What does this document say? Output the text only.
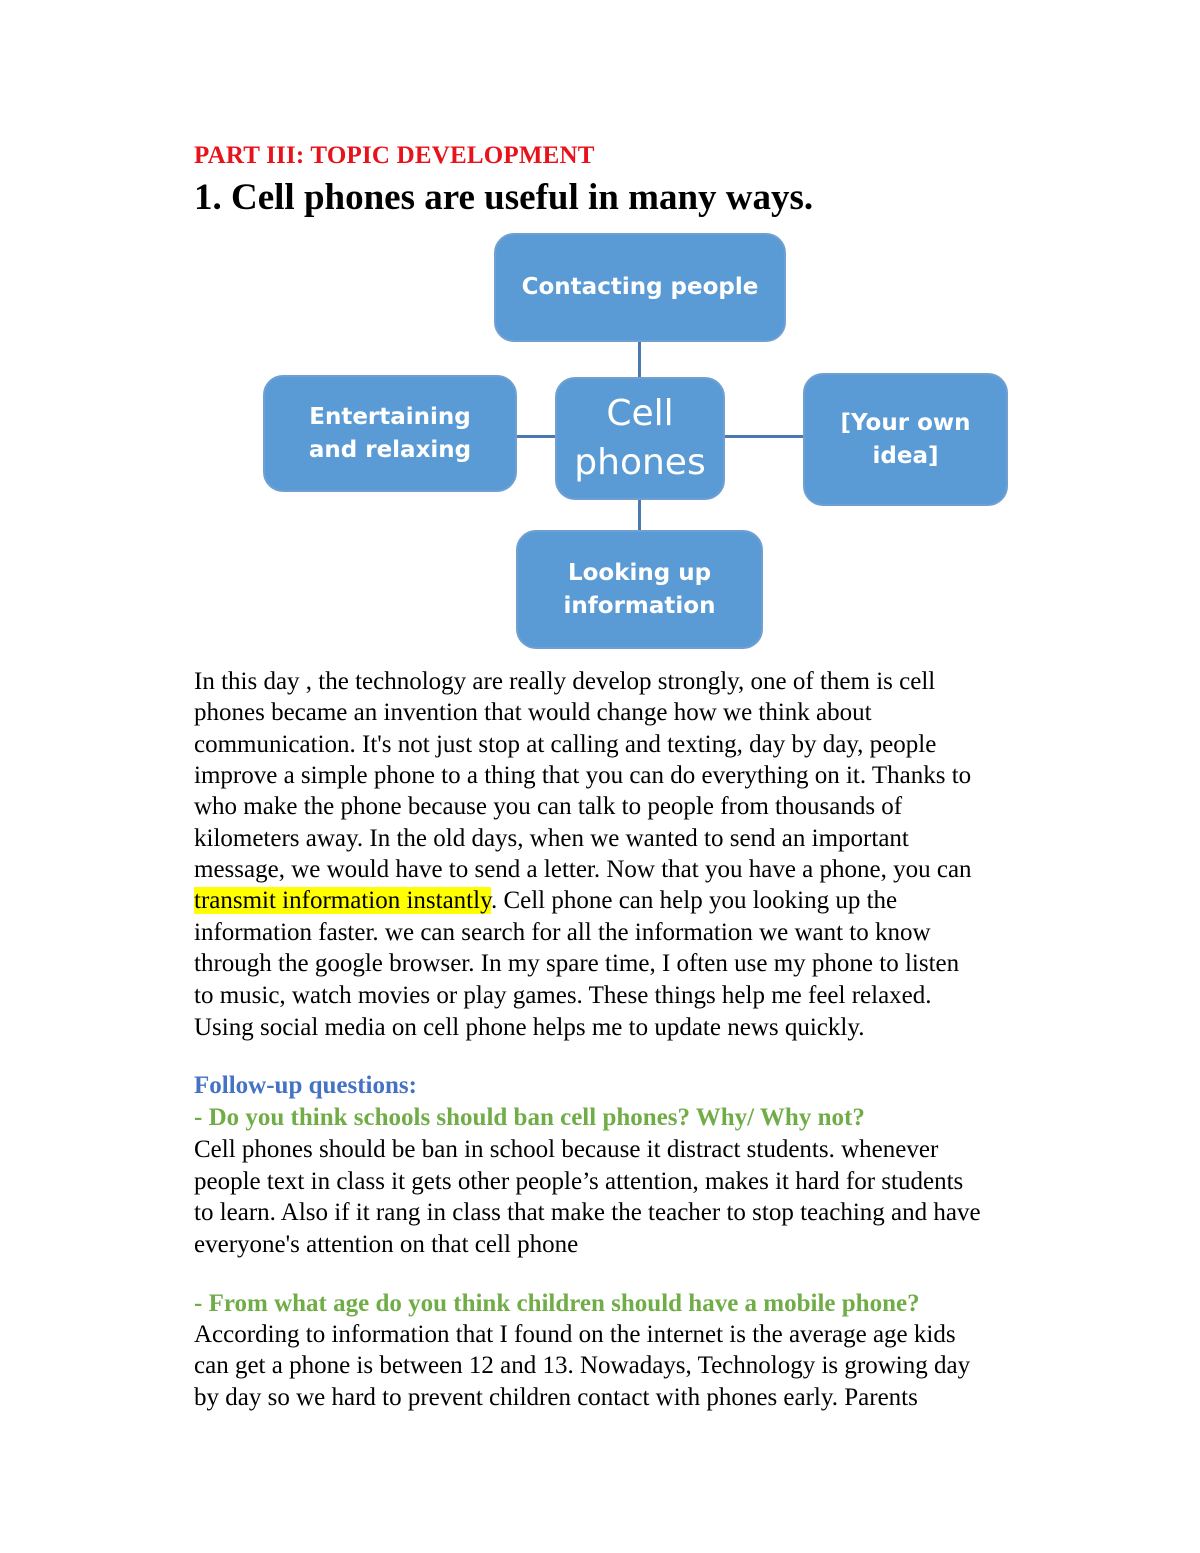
PART III: TOPIC DEVELOPMENT
1. Cell phones are useful in many ways.
Contacting people
Entertaining and relaxing
Cell phones
[Your own idea]
Looking up information
In this day , the technology are really develop strongly, one of them is cell
phones became an invention that would change how we think about
communication. It's not just stop at calling and texting, day by day, people
improve a simple phone to a thing that you can do everything on it. Thanks to
who make the phone because you can talk to people from thousands of
kilometers away. In the old days, when we wanted to send an important
message, we would have to send a letter. Now that you have a phone, you can
transmit information instantly. Cell phone can help you looking up the
information faster. we can search for all the information we want to know
through the google browser. In my spare time, I often use my phone to listen
to music, watch movies or play games. These things help me feel relaxed.
Using social media on cell phone helps me to update news quickly.
Follow-up questions:
- Do you think schools should ban cell phones? Why/ Why not?
Cell phones should be ban in school because it distract students. whenever
people text in class it gets other people’s attention, makes it hard for students
to learn. Also if it rang in class that make the teacher to stop teaching and have
everyone's attention on that cell phone
- From what age do you think children should have a mobile phone?
According to information that I found on the internet is the average age kids
can get a phone is between 12 and 13. Nowadays, Technology is growing day
by day so we hard to prevent children contact with phones early. Parents
